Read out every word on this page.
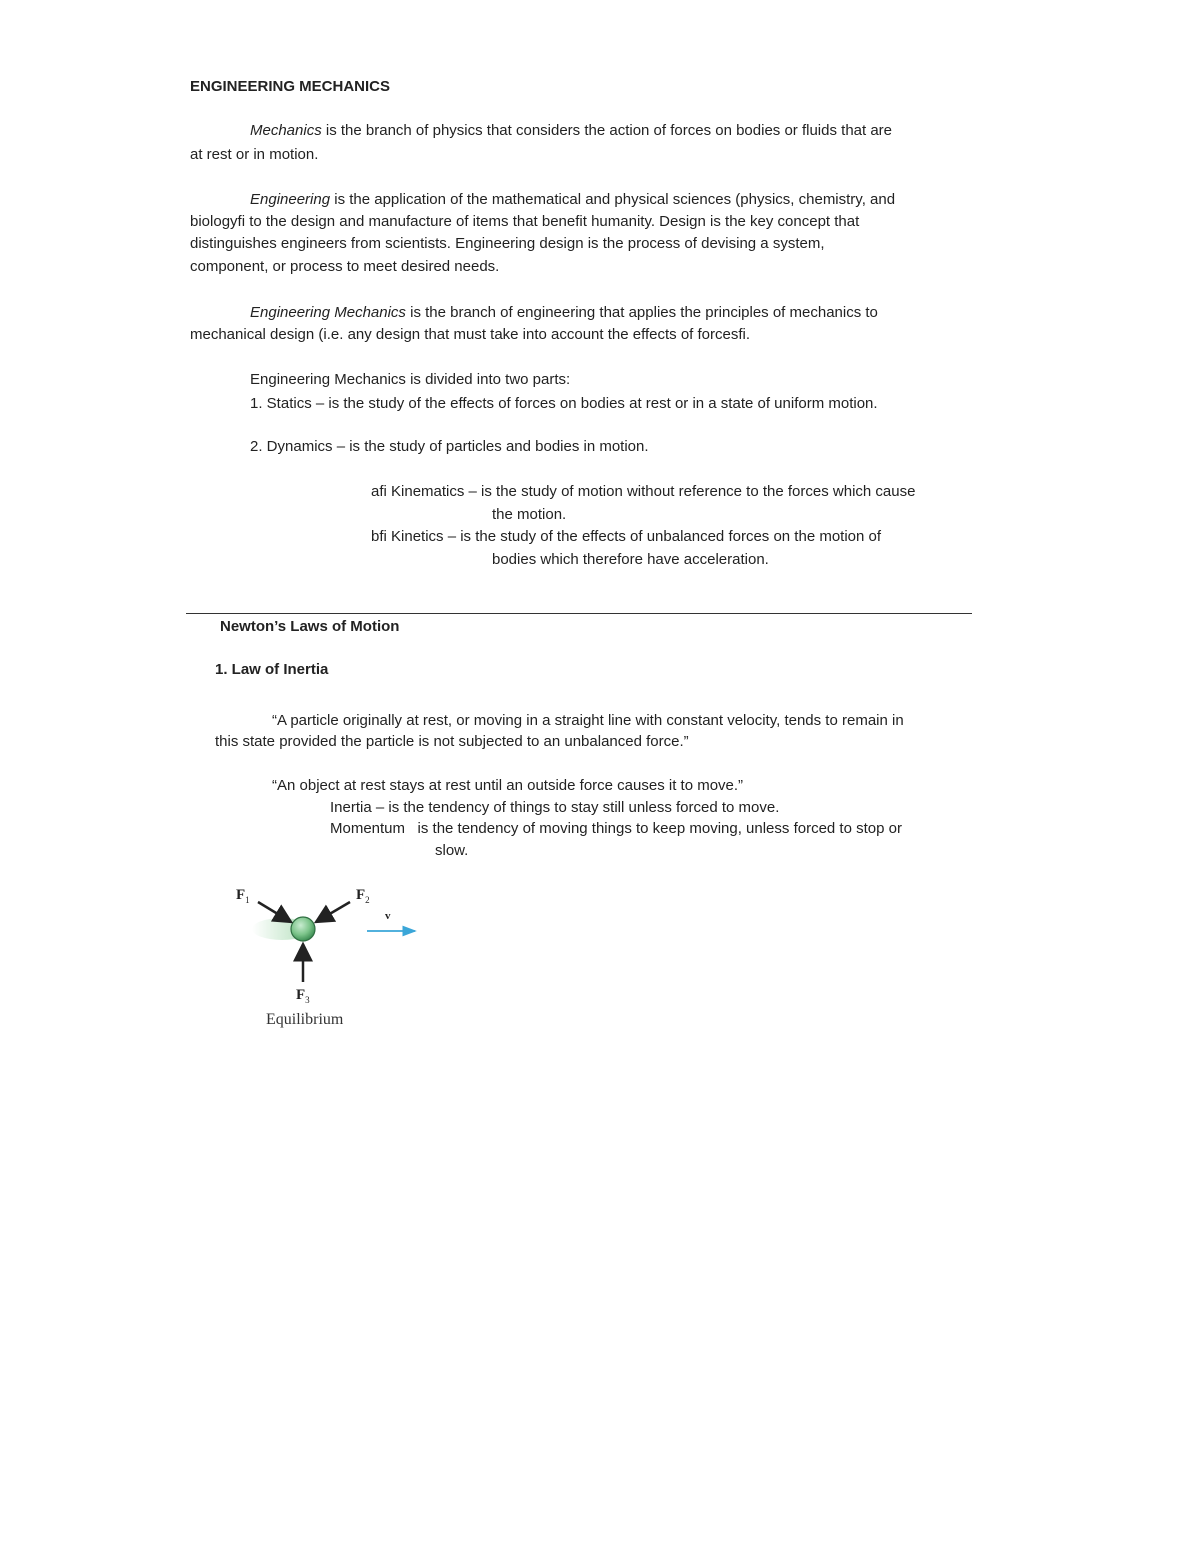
ENGINEERING MECHANICS
Mechanics is the branch of physics that considers the action of forces on bodies or fluids that are
at rest or in motion.
Engineering is the application of the mathematical and physical sciences (physics, chemistry, and
biologyfi to the design and manufacture of items that benefit humanity. Design is the key concept that
distinguishes engineers from scientists. Engineering design is the process of devising a system,
component, or process to meet desired needs.
Engineering Mechanics is the branch of engineering that applies the principles of mechanics to
mechanical design (i.e. any design that must take into account the effects of forcesfi.
Engineering Mechanics is divided into two parts:
1. Statics – is the study of the effects of forces on bodies at rest or in a state of uniform motion.
2. Dynamics – is the study of particles and bodies in motion.
afi Kinematics – is the study of motion without reference to the forces which cause
the motion.
bfi Kinetics – is the study of the effects of unbalanced forces on the motion of
bodies which therefore have acceleration.
Newton’s Laws of Motion
1. Law of Inertia
“A particle originally at rest, or moving in a straight line with constant velocity, tends to remain in
this state provided the particle is not subjected to an unbalanced force.”
“An object at rest stays at rest until an outside force causes it to move.”
Inertia – is the tendency of things to stay still unless forced to move.
Momentum   is the tendency of moving things to keep moving, unless forced to stop or
slow.
$F_1$	$F_2$
v
$F_3$
Equilibrium
